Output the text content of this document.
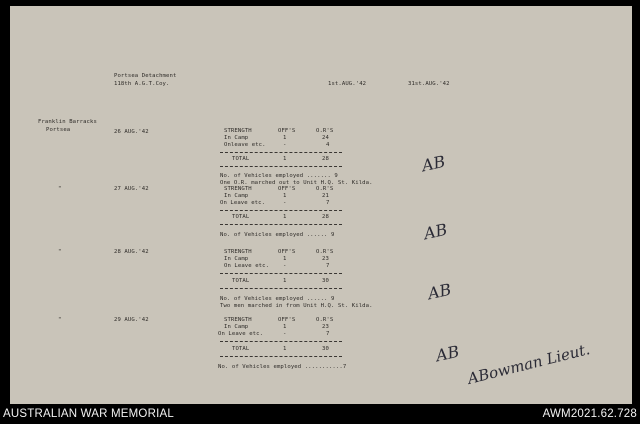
Portsea Detachment
118th A.G.T.Coy.	1st.AUG.'42	31st.AUG.'42
Franklin Barracks
Portsea	26 AUG.'42	STRENGTH	OFF'S	O.R'S
In Camp	1	24
Onleave etc.	-	4
TOTAL	1	28
No. of Vehicles employed ....... 9
One O.R. marched out to Unit H.Q. St. Kilda.
"	27 AUG.'42	STRENGTH	OFF'S	O.R'S
In Camp	1	21
On Leave etc.	-	7
TOTAL	1	28
No. of Vehicles employed ...... 9
"	28 AUG.'42	STRENGTH	OFF'S	O.R'S
In Camp	1	23
On Leave etc. -	7
TOTAL	1	30
No. of Vehicles employed ...... 9
Two men marched in from Unit H.Q. St. Kilda.
"	29 AUG.'42	STRENGTH	OFF'S	O.R'S
In Camp	1	23
On Leave etc.	-	7
TOTAL	1	30
No. of Vehicles employed ...........7
AB
AB
AB
AB ABowman Lieut.
AUSTRALIAN WAR MEMORIAL	AWM2021.62.728
